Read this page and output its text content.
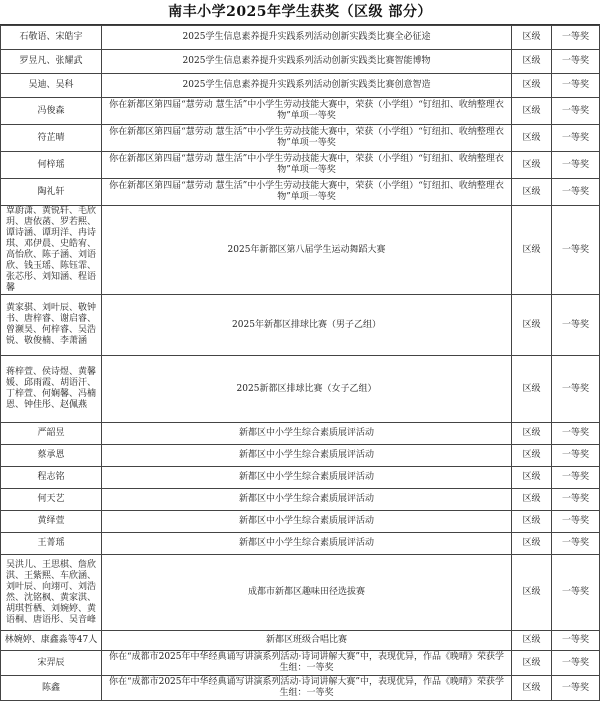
南丰小学2025年学生获奖（区级 部分）
石敬语、宋皓宇	2025学生信息素养提升实践系列活动创新实践类比赛全必征途	区级	一等奖
罗昱凡、张耀武	2025学生信息素养提升实践系列活动创新实践类比赛智能博物	区级	一等奖
吴迪、吴科	2025学生信息素养提升实践系列活动创新实践类比赛创意智造	区级	一等奖
冯俊森	你在新都区第四届“慧劳动 慧生活”中小学生劳动技能大赛中，荣获（小学组）“钉纽扣、收纳整理衣物”单项一等奖	区级	一等奖
符芷晴	你在新都区第四届“慧劳动 慧生活”中小学生劳动技能大赛中，荣获（小学组）“钉纽扣、收纳整理衣物”单项一等奖	区级	一等奖
何梓瑶	你在新都区第四届“慧劳动 慧生活”中小学生劳动技能大赛中，荣获（小学组）“钉纽扣、收纳整理衣物”单项一等奖	区级	一等奖
陶礼轩	你在新都区第四届“慧劳动 慧生活”中小学生劳动技能大赛中，荣获（小学组）“钉纽扣、收纳整理衣物”单项一等奖	区级	一等奖
覃蔚潇、黄锐轩、毛欣玥、唐依菡、罗若熙、谭诗涵、谭玥洋、冉诗琪、邓伊晨、史皓宥、高怡欣、陈子涵、刘语欣、钱玉瑶、陈钰霏、张芯彤、刘知涵、程语馨	2025年新都区第八届学生运动舞蹈大赛	区级	一等奖
黄家骐、刘叶辰、敬钟书、唐梓睿、谢启睿、曾濒昊、何梓睿、吴浩锐、敬俊楠、李萧涵	2025年新都区排球比赛（男子乙组）	区级	一等奖
蒋梓萱、侯诗煜、黄馨媛、邱雨霞、胡语汗、丁梓萱、何娴馨、冯楠恩、钟佳彤、赵佩燕	2025新都区排球比赛（女子乙组）	区级	一等奖
严韶昱	新都区中小学生综合素质展评活动	区级	一等奖
蔡承恩	新都区中小学生综合素质展评活动	区级	一等奖
程志铭	新都区中小学生综合素质展评活动	区级	一等奖
何天艺	新都区中小学生综合素质展评活动	区级	一等奖
黄绎萱	新都区中小学生综合素质展评活动	区级	一等奖
王菁瑶	新都区中小学生综合素质展评活动	区级	一等奖
吴洪儿、王思棋、詹欣淇、王紫熙、车欣涵、刘叶辰、向翊可、刘浩然、沈铭枫、黄家淇、胡琪哲栖、刘婉婷、黄语桐、唐语彤、吴音峰	成都市新都区趣味田径选拔赛	区级	一等奖
林婉婷、康鑫淼等47人	新都区班级合唱比赛	区级	一等奖
宋羿辰	你在“成都市2025年中华经典诵写讲演系列活动·诗词讲解大赛”中，表现优异，作品《晚晴》荣获学生组：一等奖	区级	一等奖
陈鑫	你在“成都市2025年中华经典诵写讲演系列活动·诗词讲解大赛”中，表现优异，作品《晚晴》荣获学生组：一等奖	区级	一等奖
